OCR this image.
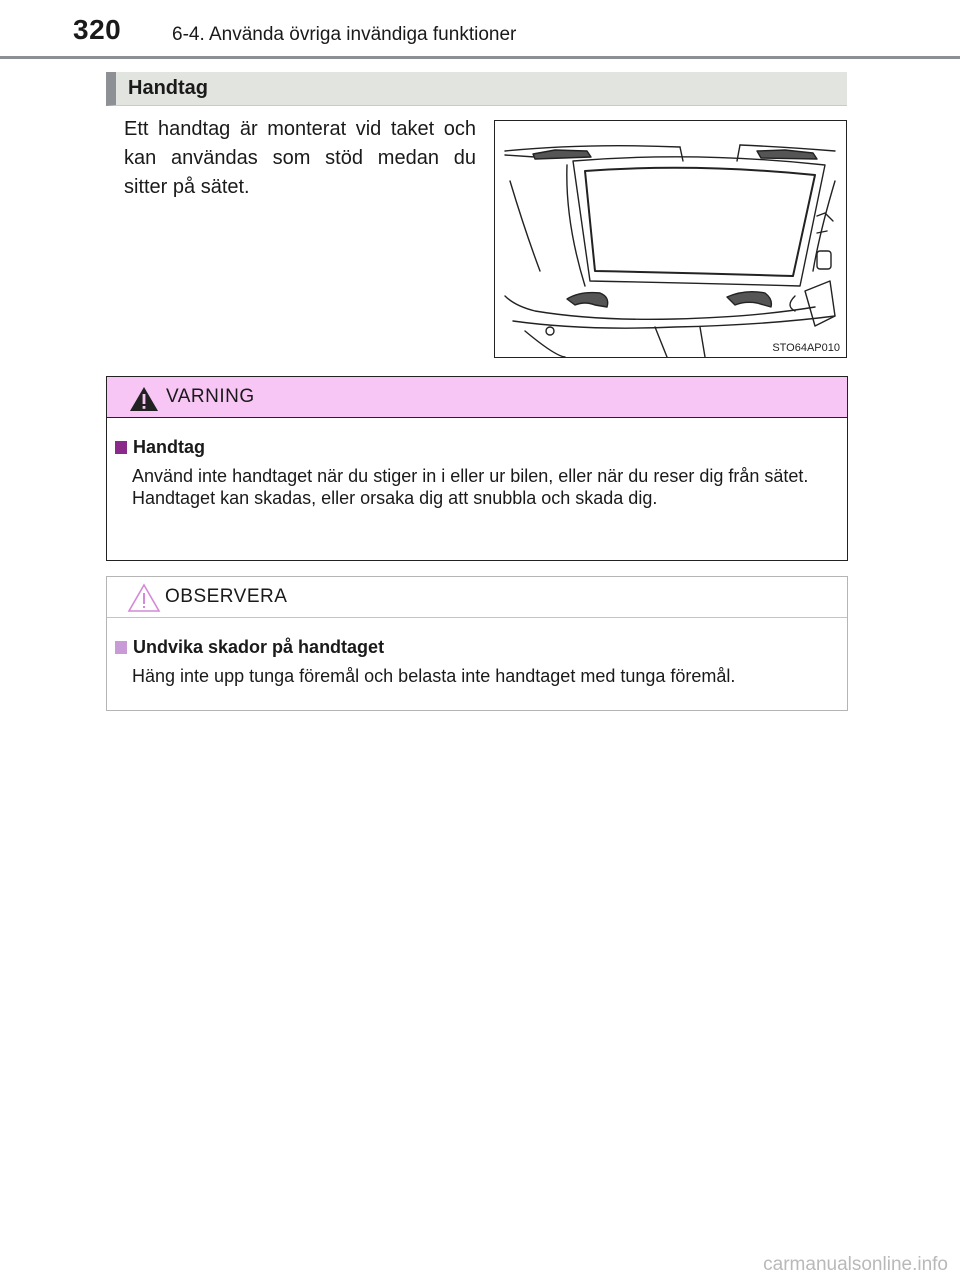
320	6-4. Använda övriga invändiga funktioner
Handtag

Ett handtag är monterat vid taket och kan användas som stöd medan du sitter på sätet.

STO64AP010
VARNING
Handtag

Använd inte handtaget när du stiger in i eller ur bilen, eller när du reser dig från sätet.

Handtaget kan skadas, eller orsaka dig att snubbla och skada dig.

OBSERVERA
Undvika skador på handtaget

Häng inte upp tunga föremål och belasta inte handtaget med tunga föremål.

carmanualsonline.info
